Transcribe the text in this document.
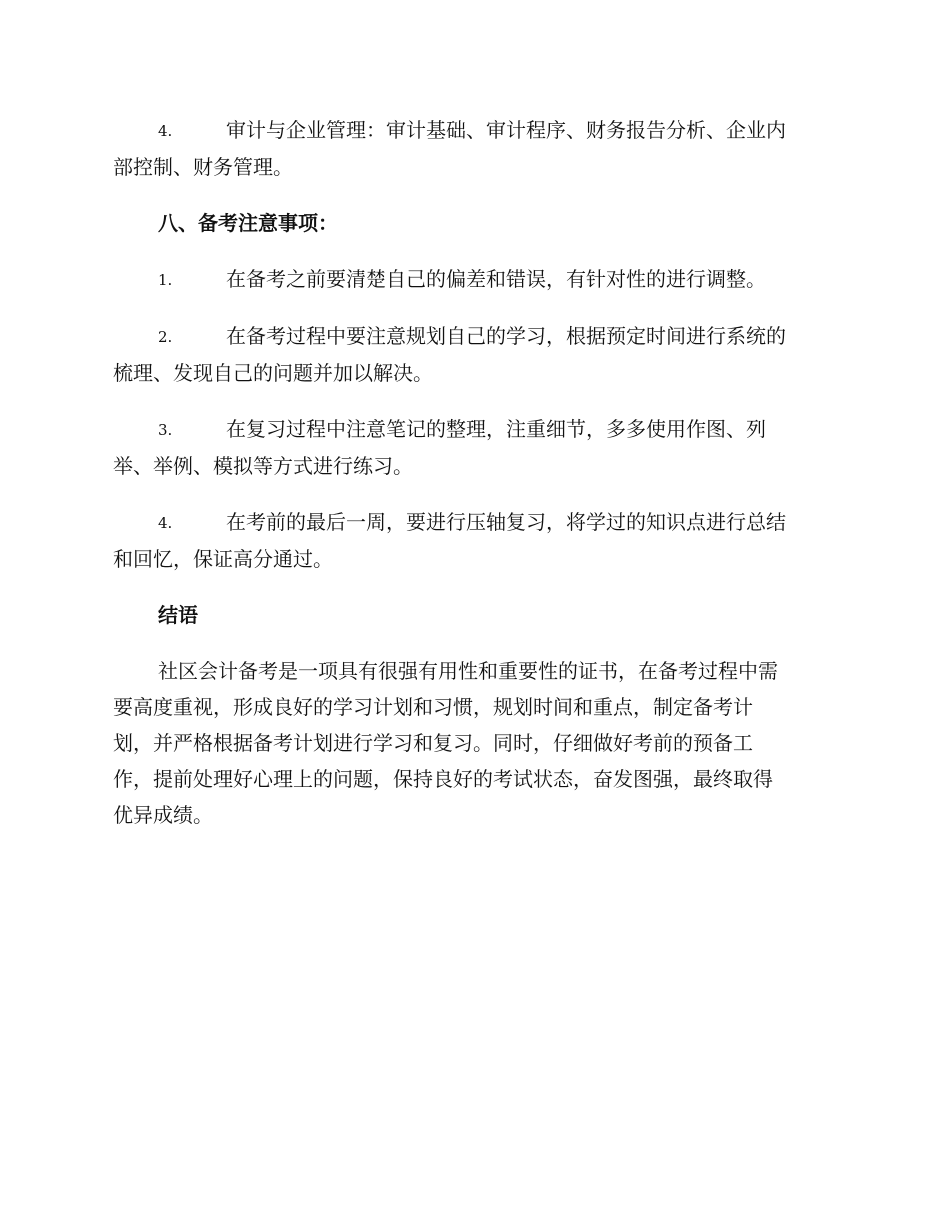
4.	审计与企业管理：审计基础、审计程序、财务报告分析、企业内
部控制、财务管理。
八、备考注意事项：
1.	在备考之前要清楚自己的偏差和错误，有针对性的进行调整。
2.	在备考过程中要注意规划自己的学习，根据预定时间进行系统的
梳理、发现自己的问题并加以解决。
3.	在复习过程中注意笔记的整理，注重细节，多多使用作图、列
举、举例、模拟等方式进行练习。
4.	在考前的最后一周，要进行压轴复习，将学过的知识点进行总结
和回忆，保证高分通过。
结语
社区会计备考是一项具有很强有用性和重要性的证书，在备考过程中需
要高度重视，形成良好的学习计划和习惯，规划时间和重点，制定备考计
划，并严格根据备考计划进行学习和复习。同时，仔细做好考前的预备工
作，提前处理好心理上的问题，保持良好的考试状态，奋发图强，最终取得
优异成绩。
